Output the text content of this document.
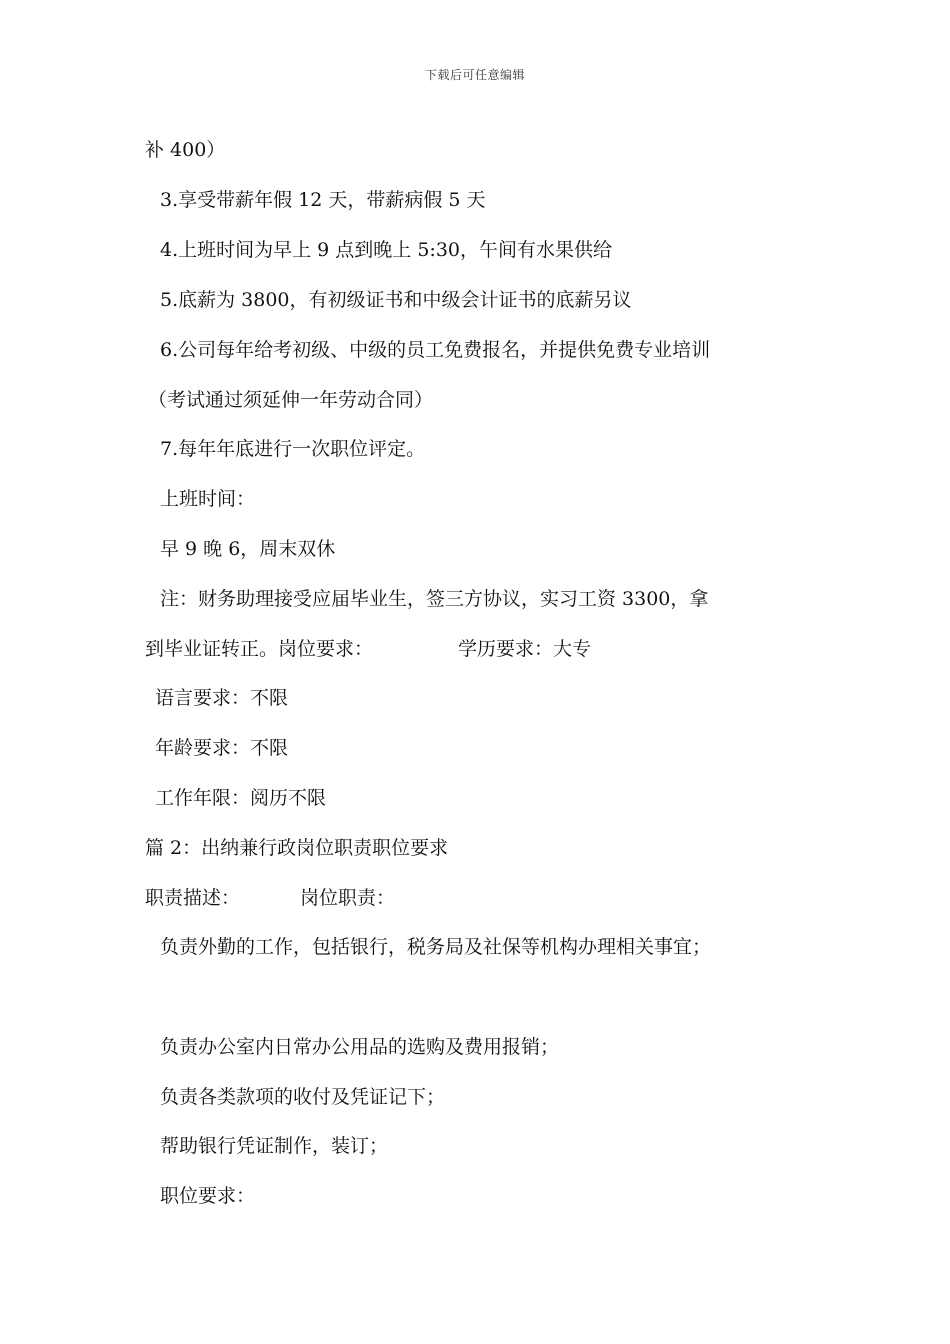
下载后可任意编辑
补 400）
3.享受带薪年假 12 天，带薪病假 5 天
4.上班时间为早上 9 点到晚上 5:30，午间有水果供给
5.底薪为 3800，有初级证书和中级会计证书的底薪另议
6.公司每年给考初级、中级的员工免费报名，并提供免费专业培训
（考试通过须延伸一年劳动合同）
7.每年年底进行一次职位评定。
上班时间：
早 9 晚 6，周末双休
注：财务助理接受应届毕业生，签三方协议，实习工资 3300，拿
到毕业证转正。岗位要求：	学历要求：大专
语言要求：不限
年龄要求：不限
工作年限：阅历不限
篇 2：出纳兼行政岗位职责职位要求
职责描述：	岗位职责：
负责外勤的工作，包括银行，税务局及社保等机构办理相关事宜；
负责办公室内日常办公用品的选购及费用报销；
负责各类款项的收付及凭证记下；
帮助银行凭证制作，装订；
职位要求：
